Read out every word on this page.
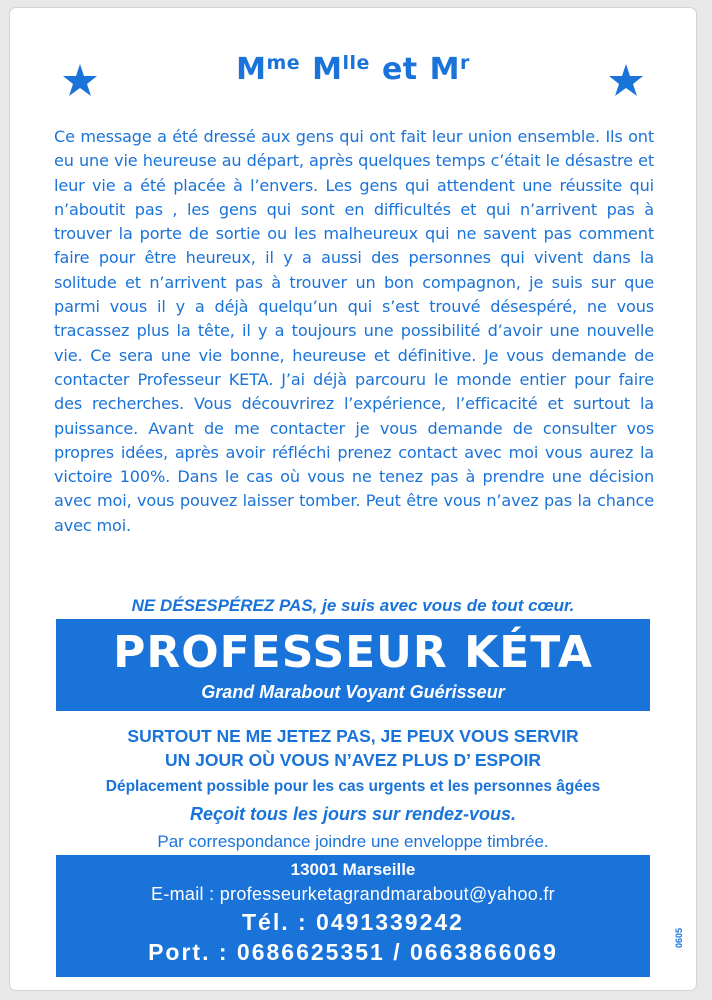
$M^{me}$ $M^{lle}$ et $M^r$
Ce message a été dressé aux gens qui ont fait leur union ensemble. Ils ont eu une vie heureuse au départ, après quelques temps c’était le désastre et leur vie a été placée à l’envers. Les gens qui attendent une réussite qui n’aboutit pas , les gens qui sont en difficultés et qui n’arrivent pas à trouver la porte de sortie ou les malheureux qui ne savent pas comment faire pour être heureux, il y a aussi des personnes qui vivent dans la solitude et n’arrivent pas à trouver un bon compagnon, je suis sur que parmi vous il y a déjà quelqu’un qui s’est trouvé désespéré, ne vous tracassez plus la tête, il y a toujours une possibilité d’avoir une nouvelle vie. Ce sera une vie bonne, heureuse et définitive. Je vous demande de contacter Professeur KETA. J’ai déjà parcouru le monde entier pour faire des recherches. Vous découvrirez l’expérience, l’efficacité et surtout la puissance. Avant de me contacter je vous demande de consulter vos propres idées, après avoir réfléchi prenez contact avec moi vous aurez la victoire 100%. Dans le cas où vous ne tenez pas à prendre une décision avec moi, vous pouvez laisser tomber. Peut être vous n’avez pas la chance avec moi.
NE DÉSESPÉREZ PAS, je suis avec vous de tout cœur.
PROFESSEUR KÉTA
Grand Marabout Voyant Guérisseur
SURTOUT NE ME JETEZ PAS, JE PEUX VOUS SERVIR
UN JOUR OÙ VOUS N’AVEZ PLUS D’ ESPOIR
Déplacement possible pour les cas urgents et les personnes âgées
Reçoit tous les jours sur rendez-vous.
Par correspondance joindre une enveloppe timbrée.
13001 Marseille
E-mail : professeurketagrandmarabout@yahoo.fr
Tél. : 0491339242
Port. : 0686625351 / 0663866069
0605
